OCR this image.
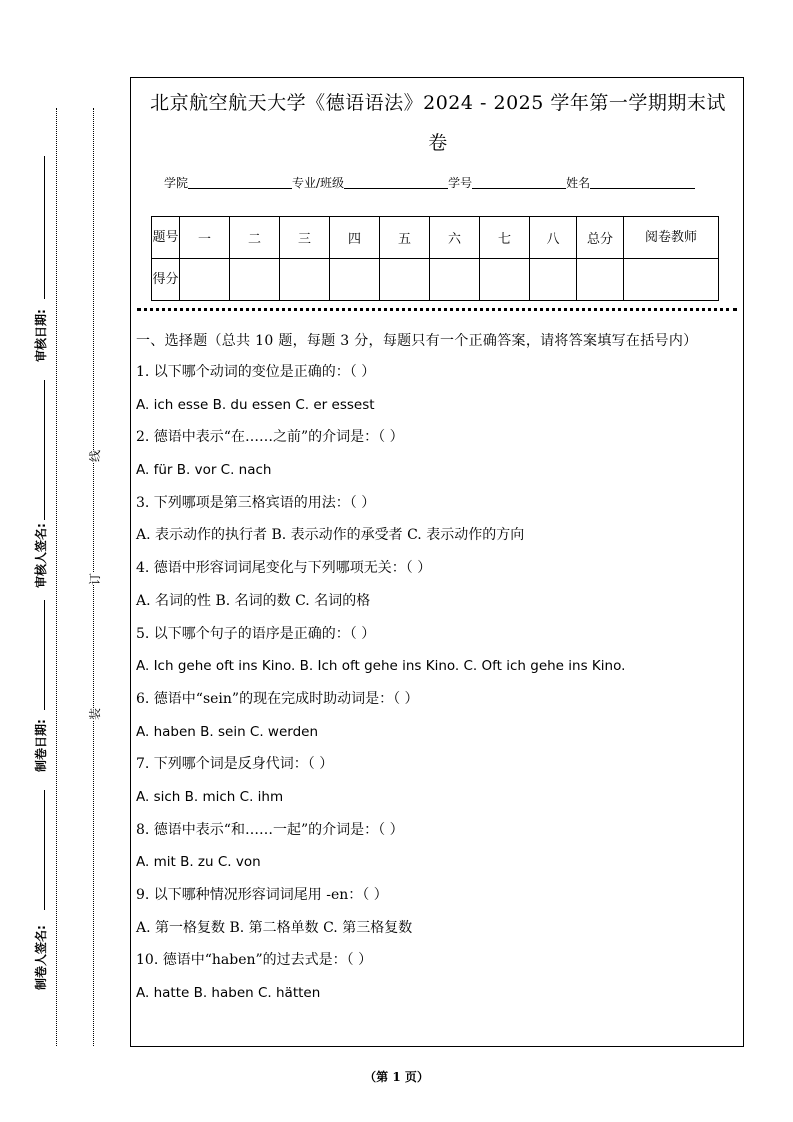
审核日期:
审核人签名:
制卷日期:
制卷人签名:
线
订
装
北京航空航天大学《德语语法》2024 - 2025 学年第一学期期末试
卷
学院	专业/班级	学号	姓名
题号	一	二	三	四	五	六	七	八	总分	阅卷教师
得分										
一、选择题（总共 10 题，每题 3 分，每题只有一个正确答案，请将答案填写在括号内）
1. 以下哪个动词的变位是正确的：（ ）
A. ich esse B. du essen C. er essest
2. 德语中表示“在……之前”的介词是：（ ）
A. für B. vor C. nach
3. 下列哪项是第三格宾语的用法：（ ）
A. 表示动作的执行者 B. 表示动作的承受者 C. 表示动作的方向
4. 德语中形容词词尾变化与下列哪项无关：（ ）
A. 名词的性 B. 名词的数 C. 名词的格
5. 以下哪个句子的语序是正确的：（ ）
A. Ich gehe oft ins Kino. B. Ich oft gehe ins Kino. C. Oft ich gehe ins Kino.
6. 德语中“sein”的现在完成时助动词是：（ ）
A. haben B. sein C. werden
7. 下列哪个词是反身代词：（ ）
A. sich B. mich C. ihm
8. 德语中表示“和……一起”的介词是：（ ）
A. mit B. zu C. von
9. 以下哪种情况形容词词尾用 -en：（ ）
A. 第一格复数 B. 第二格单数 C. 第三格复数
10. 德语中“haben”的过去式是：（ ）
A. hatte B. haben C. hätten
（第 1 页）
